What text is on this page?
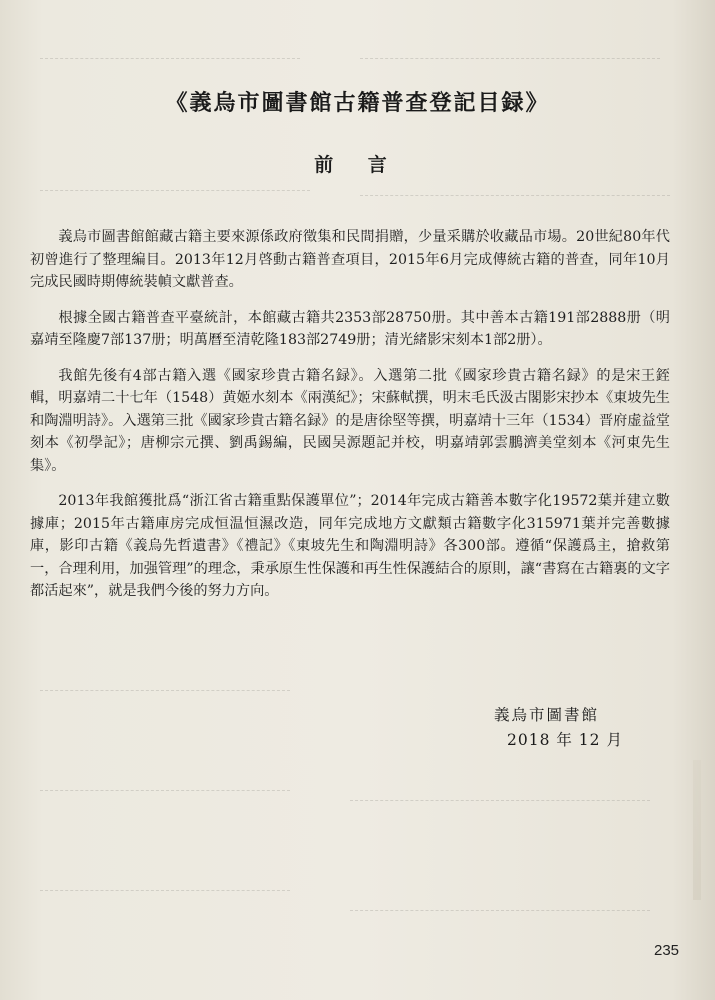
《義烏市圖書館古籍普查登記目録》
前 言

義烏市圖書館館藏古籍主要來源係政府徵集和民間捐贈，少量采購於收藏品市場。20世紀80年代初曾進行了整理編目。2013年12月啓動古籍普查項目，2015年6月完成傳統古籍的普查，同年10月完成民國時期傳統裝幀文獻普查。

根據全國古籍普查平臺統計，本館藏古籍共2353部28750册。其中善本古籍191部2888册（明嘉靖至隆慶7部137册；明萬曆至清乾隆183部2749册；清光緒影宋刻本1部2册）。

我館先後有4部古籍入選《國家珍貴古籍名録》。入選第二批《國家珍貴古籍名録》的是宋王銍輯，明嘉靖二十七年（1548）黄姬水刻本《兩漢紀》；宋蘇軾撰，明末毛氏汲古閣影宋抄本《東坡先生和陶淵明詩》。入選第三批《國家珍貴古籍名録》的是唐徐堅等撰，明嘉靖十三年（1534）晋府虚益堂刻本《初學記》；唐柳宗元撰、劉禹錫編，民國吴源題記并校，明嘉靖郭雲鵬濟美堂刻本《河東先生集》。

2013年我館獲批爲“浙江省古籍重點保護單位”；2014年完成古籍善本數字化19572葉并建立數據庫；2015年古籍庫房完成恒温恒濕改造，同年完成地方文獻類古籍數字化315971葉并完善數據庫，影印古籍《義烏先哲遺書》《禮記》《東坡先生和陶淵明詩》各300部。遵循“保護爲主，搶救第一，合理利用，加强管理”的理念，秉承原生性保護和再生性保護結合的原則，讓“書寫在古籍裏的文字都活起來”，就是我們今後的努力方向。

義烏市圖書館
2018 年 12 月
235
